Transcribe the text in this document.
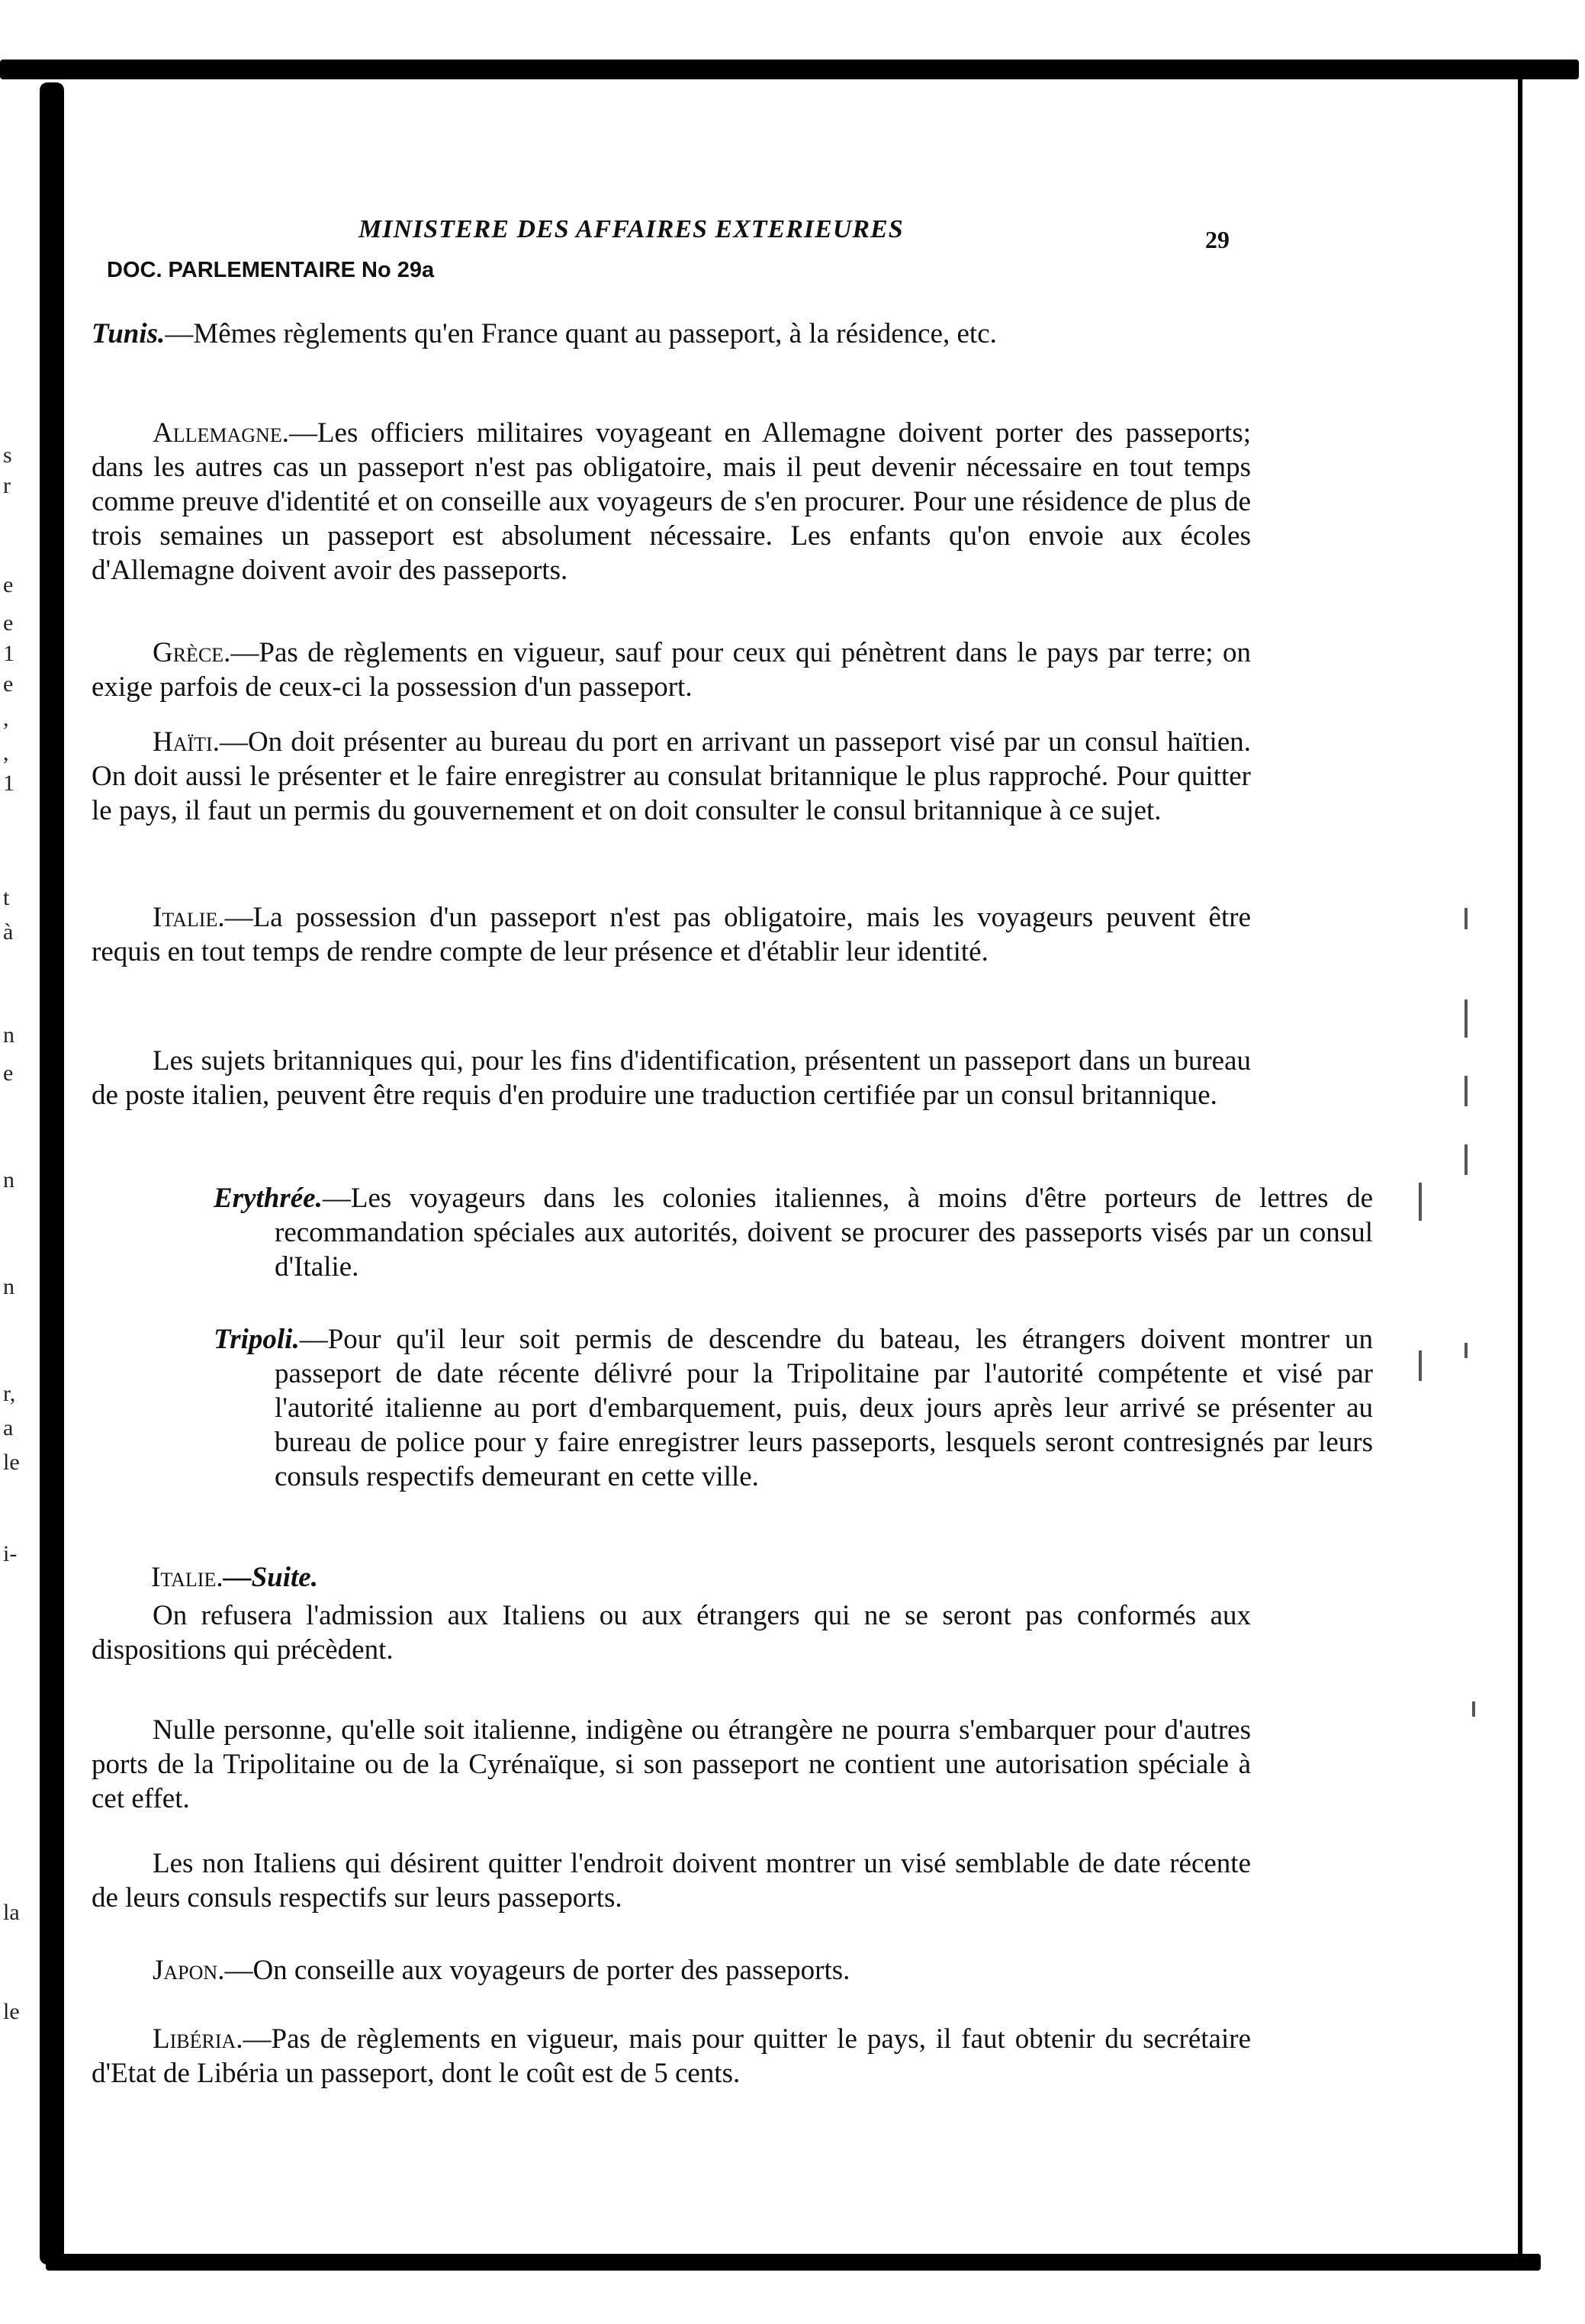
s
r
e
e
1
e
,
,
1
t
à
n
e
n
n
r,
a
le
i-
la
le
MINISTERE DES AFFAIRES EXTERIEURES	29
DOC. PARLEMENTAIRE No 29a
Tunis.—Mêmes règlements qu'en France quant au passeport, à la résidence, etc.
Allemagne.—Les officiers militaires voyageant en Allemagne doivent porter des passeports; dans les autres cas un passeport n'est pas obligatoire, mais il peut devenir nécessaire en tout temps comme preuve d'identité et on conseille aux voyageurs de s'en procurer. Pour une résidence de plus de trois semaines un passeport est absolument nécessaire. Les enfants qu'on envoie aux écoles d'Allemagne doivent avoir des passeports.
Grèce.—Pas de règlements en vigueur, sauf pour ceux qui pénètrent dans le pays par terre; on exige parfois de ceux-ci la possession d'un passeport.
Haïti.—On doit présenter au bureau du port en arrivant un passeport visé par un consul haïtien. On doit aussi le présenter et le faire enregistrer au consulat britannique le plus rapproché. Pour quitter le pays, il faut un permis du gouvernement et on doit consulter le consul britannique à ce sujet.
Italie.—La possession d'un passeport n'est pas obligatoire, mais les voyageurs peuvent être requis en tout temps de rendre compte de leur présence et d'établir leur identité.
Les sujets britanniques qui, pour les fins d'identification, présentent un passeport dans un bureau de poste italien, peuvent être requis d'en produire une traduction certifiée par un consul britannique.
Erythrée.—Les voyageurs dans les colonies italiennes, à moins d'être porteurs de lettres de recommandation spéciales aux autorités, doivent se procurer des passeports visés par un consul d'Italie.
Tripoli.—Pour qu'il leur soit permis de descendre du bateau, les étrangers doivent montrer un passeport de date récente délivré pour la Tripolitaine par l'autorité compétente et visé par l'autorité italienne au port d'embarquement, puis, deux jours après leur arrivé se présenter au bureau de police pour y faire enregistrer leurs passeports, lesquels seront contresignés par leurs consuls respectifs demeurant en cette ville.
Italie.—Suite.
On refusera l'admission aux Italiens ou aux étrangers qui ne se seront pas conformés aux dispositions qui précèdent.
Nulle personne, qu'elle soit italienne, indigène ou étrangère ne pourra s'embarquer pour d'autres ports de la Tripolitaine ou de la Cyrénaïque, si son passeport ne contient une autorisation spéciale à cet effet.
Les non Italiens qui désirent quitter l'endroit doivent montrer un visé semblable de date récente de leurs consuls respectifs sur leurs passeports.
Japon.—On conseille aux voyageurs de porter des passeports.
Libéria.—Pas de règlements en vigueur, mais pour quitter le pays, il faut obtenir du secrétaire d'Etat de Libéria un passeport, dont le coût est de 5 cents.
